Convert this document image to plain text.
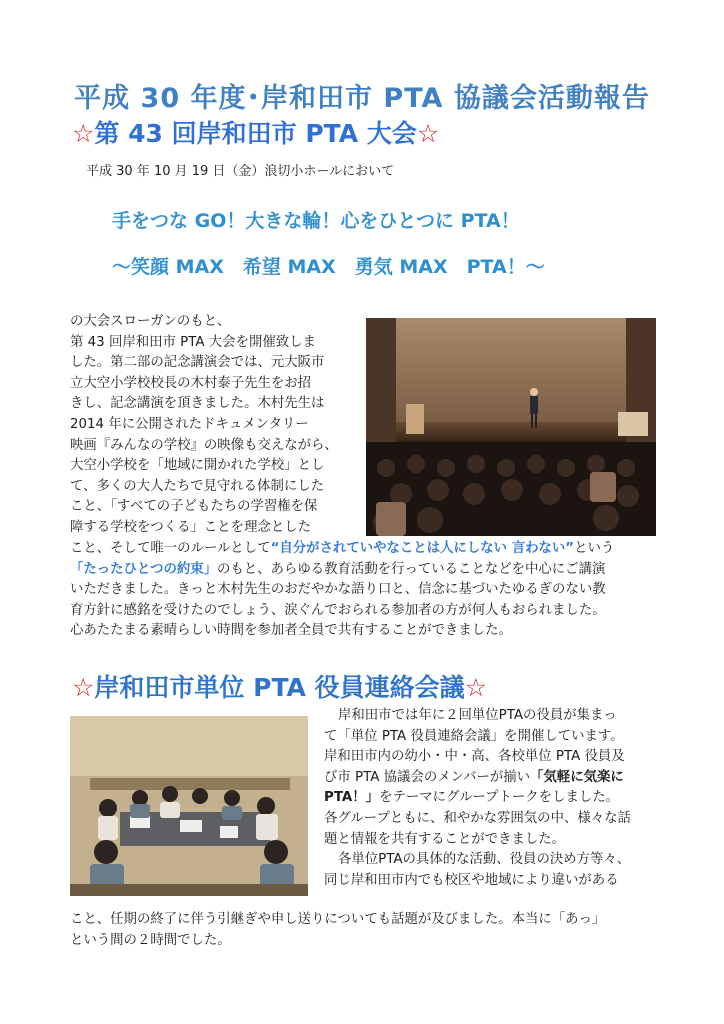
平成 30 年度･岸和田市 PTA 協議会活動報告
☆第 43 回岸和田市 PTA 大会☆
平成 30 年 10 月 19 日（金）浪切小ホールにおいて
手をつな GO！大きな輪！心をひとつに PTA！
～笑顔 MAX　希望 MAX　勇気 MAX　PTA！～
の大会スローガンのもと、
第 43 回岸和田市 PTA 大会を開催致しま
した。第二部の記念講演会では、元大阪市
立大空小学校校長の木村泰子先生をお招
きし、記念講演を頂きました。木村先生は
2014 年に公開されたドキュメンタリー
映画『みんなの学校』の映像も交えながら、
大空小学校を「地域に開かれた学校」とし
て、多くの大人たちで見守れる体制にした
こと、「すべての子どもたちの学習権を保
障する学校をつくる」ことを理念とした
こと、そして唯一のルールとして“自分がされていやなことは人にしない 言わない”という
「たったひとつの約束」のもと、あらゆる教育活動を行っていることなどを中心にご講演
いただきました。きっと木村先生のおだやかな語り口と、信念に基づいたゆるぎのない教
育方針に感銘を受けたのでしょう、涙ぐんでおられる参加者の方が何人もおられました。
心あたたまる素晴らしい時間を参加者全員で共有することができました。
☆岸和田市単位 PTA 役員連絡会議☆
岸和田市では年に２回単位PTAの役員が集まっ
て「単位 PTA 役員連絡会議」を開催しています。
岸和田市内の幼小・中・高、各校単位 PTA 役員及
び市 PTA 協議会のメンバーが揃い「気軽に気楽に
PTA！」をテーマにグループトークをしました。
各グループともに、和やかな雰囲気の中、様々な話
題と情報を共有することができました。
各単位PTAの具体的な活動、役員の決め方等々、
同じ岸和田市内でも校区や地域により違いがある
こと、任期の終了に伴う引継ぎや申し送りについても話題が及びました。本当に「あっ」
という間の２時間でした。
